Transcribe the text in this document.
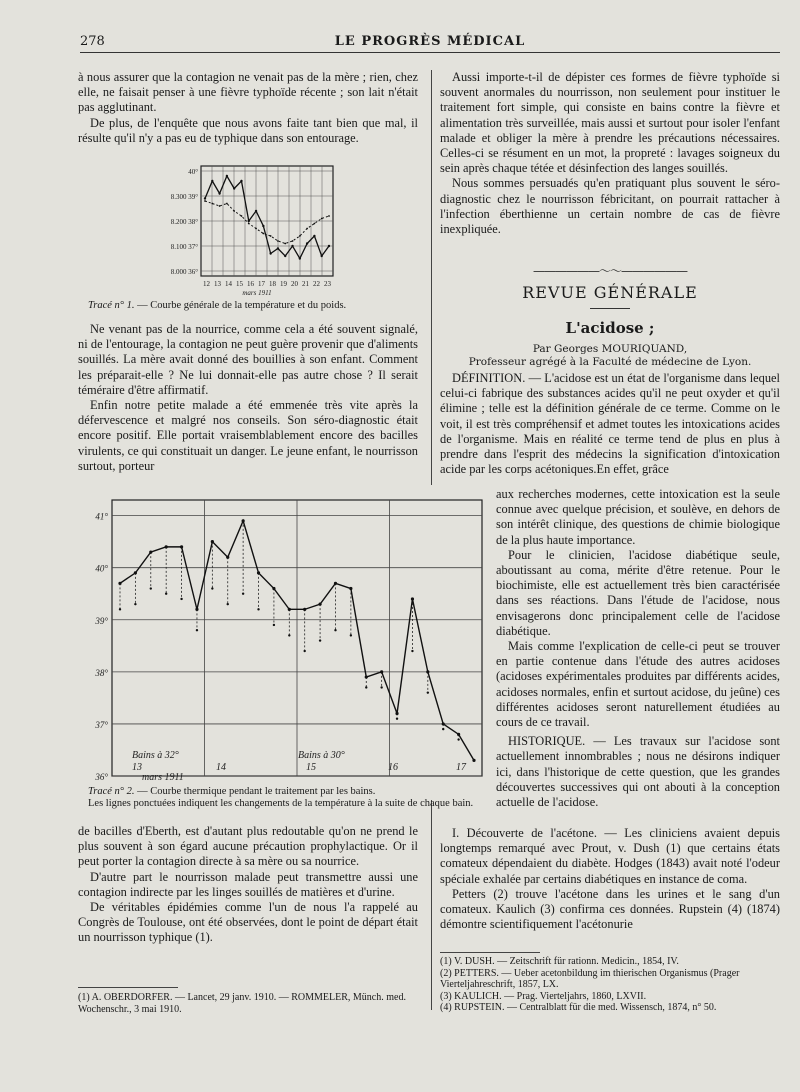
278	LE PROGRÈS MÉDICAL

à nous assurer que la contagion ne venait pas de la mère ; rien, chez elle, ne faisait penser à une fièvre typhoïde récente ; son lait n'était pas agglutinant.

De plus, de l'enquête que nous avons faite tant bien que mal, il résulte qu'il n'y a pas eu de typhique dans son entourage.

40°
8.300 39°
8.200 38°
8.100 37°
8.000 36°
12 13 14 15 16 17 18 19 20 21 22 23
mars 1911
Tracé n° 1. — Courbe générale de la température et du poids.

Ne venant pas de la nourrice, comme cela a été souvent signalé, ni de l'entourage, la contagion ne peut guère provenir que d'aliments souillés. La mère avait donné des bouillies à son enfant. Comment les préparait-elle ? Ne lui donnait-elle pas autre chose ? Il serait téméraire d'être affirmatif.

Enfin notre petite malade a été emmenée très vite après la défervescence et malgré nos conseils. Son séro-diagnostic était encore positif. Elle portait vraisemblablement encore des bacilles virulents, ce qui constituait un danger. Le jeune enfant, le nourrisson surtout, porteur

Aussi importe-t-il de dépister ces formes de fièvre typhoïde si souvent anormales du nourrisson, non seulement pour instituer le traitement fort simple, qui consiste en bains contre la fièvre et alimentation très surveillée, mais aussi et surtout pour isoler l'enfant malade et obliger la mère à prendre les précautions nécessaires. Celles-ci se résument en un mot, la propreté : lavages soigneux du sein après chaque tétée et désinfection des langes souillés.

Nous sommes persuadés qu'en pratiquant plus souvent le séro-diagnostic chez le nourrisson fébricitant, on pourrait rattacher à l'infection éberthienne un certain nombre de cas de fièvre inexpliquée.

——————〜〜——————
REVUE GÉNÉRALE
L'acidose ;
Par Georges MOURIQUAND,
Professeur agrégé à la Faculté de médecine de Lyon.

DÉFINITION. — L'acidose est un état de l'organisme dans lequel celui-ci fabrique des substances acides qu'il ne peut oxyder et qu'il élimine ; telle est la définition générale de ce terme. Comme on le voit, il est très compréhensif et admet toutes les intoxications acides de l'organisme. Mais en réalité ce terme tend de plus en plus à prendre dans l'esprit des médecins la signification d'intoxication acide par les corps acétoniques.En effet, grâce

aux recherches modernes, cette intoxication est la seule connue avec quelque précision, et soulève, en dehors de son intérêt clinique, des questions de chimie biologique de la plus haute importance.

Pour le clinicien, l'acidose diabétique seule, aboutissant au coma, mérite d'être retenue. Pour le biochimiste, elle est actuellement très bien caractérisée dans ses réactions. Dans l'étude de l'acidose, nous envisagerons donc principalement celle de l'acidose diabétique.

Mais comme l'explication de celle-ci peut se trouver en partie contenue dans l'étude des autres acidoses (acidoses expérimentales produites par différents acides, acidoses normales, enfin et surtout acidose, du jeûne) ces différentes acidoses seront naturellement étudiées au cours de ce travail.

HISTORIQUE. — Les travaux sur l'acidose sont actuellement innombrables ; nous ne désirons indiquer ici, dans l'historique de cette question, que les grandes découvertes successives qui ont abouti à la conception actuelle de l'acidose.

41°
40°
39°
38°
37°
36°
Bains à 32°	Bains à 30°
13	14	15	16	17
mars 1911
Tracé n° 2. — Courbe thermique pendant le traitement par les bains.
Les lignes ponctuées indiquent les changements de la température à la suite de chaque bain.

de bacilles d'Eberth, est d'autant plus redoutable qu'on ne prend le plus souvent à son égard aucune précaution prophylactique. Or il peut porter la contagion directe à sa mère ou sa nourrice.

D'autre part le nourrisson malade peut transmettre aussi une contagion indirecte par les linges souillés de matières et d'urine.

De véritables épidémies comme l'un de nous l'a rappelé au Congrès de Toulouse, ont été observées, dont le point de départ était un nourrisson typhique (1).

(1) A. OBERDORFER. — Lancet, 29 janv. 1910. — ROMMELER, Münch. med. Wochenschr., 3 mai 1910.

I. Découverte de l'acétone. — Les cliniciens avaient depuis longtemps remarqué avec Prout, v. Dush (1) que certains états comateux dépendaient du diabète. Hodges (1843) avait noté l'odeur spéciale exhalée par certains diabétiques en instance de coma.

Petters (2) trouve l'acétone dans les urines et le sang d'un comateux. Kaulich (3) confirma ces données. Rupstein (4) (1874) démontre scientifiquement l'acétonurie

(1) V. DUSH. — Zeitschrift für rationn. Medicin., 1854, IV.
(2) PETTERS. — Ueber acetonbildung im thierischen Organismus (Prager Vierteljahreschrift, 1857, LX.
(3) KAULICH. — Prag. Vierteljahrs, 1860, LXVII.
(4) RUPSTEIN. — Centralblatt für die med. Wissensch, 1874, n° 50.
